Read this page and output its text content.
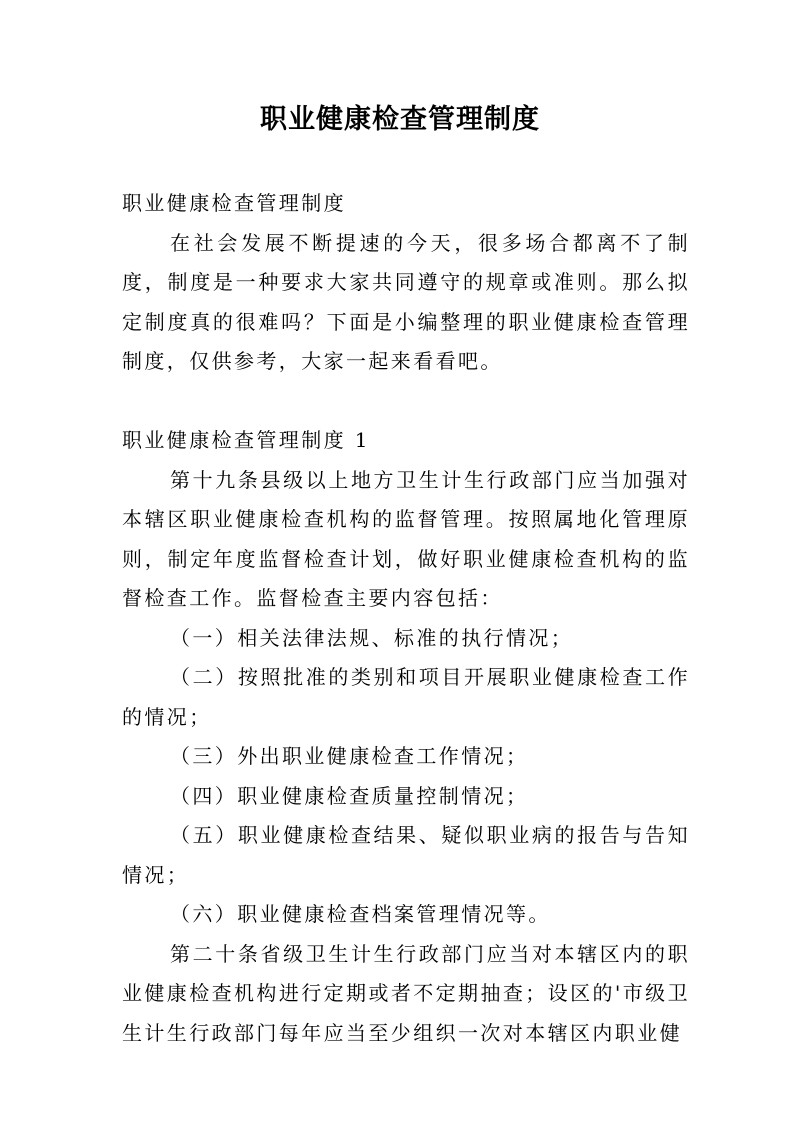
职业健康检查管理制度

职业健康检查管理制度

在社会发展不断提速的今天，很多场合都离不了制度，制度是一种要求大家共同遵守的规章或准则。那么拟定制度真的很难吗？下面是小编整理的职业健康检查管理制度，仅供参考，大家一起来看看吧。

职业健康检查管理制度 1

第十九条县级以上地方卫生计生行政部门应当加强对本辖区职业健康检查机构的监督管理。按照属地化管理原则，制定年度监督检查计划，做好职业健康检查机构的监督检查工作。监督检查主要内容包括：

（一）相关法律法规、标准的执行情况；

（二）按照批准的类别和项目开展职业健康检查工作的情况；

（三）外出职业健康检查工作情况；

（四）职业健康检查质量控制情况；

（五）职业健康检查结果、疑似职业病的报告与告知情况；

（六）职业健康检查档案管理情况等。

第二十条省级卫生计生行政部门应当对本辖区内的职业健康检查机构进行定期或者不定期抽查；设区的'市级卫生计生行政部门每年应当至少组织一次对本辖区内职业健
